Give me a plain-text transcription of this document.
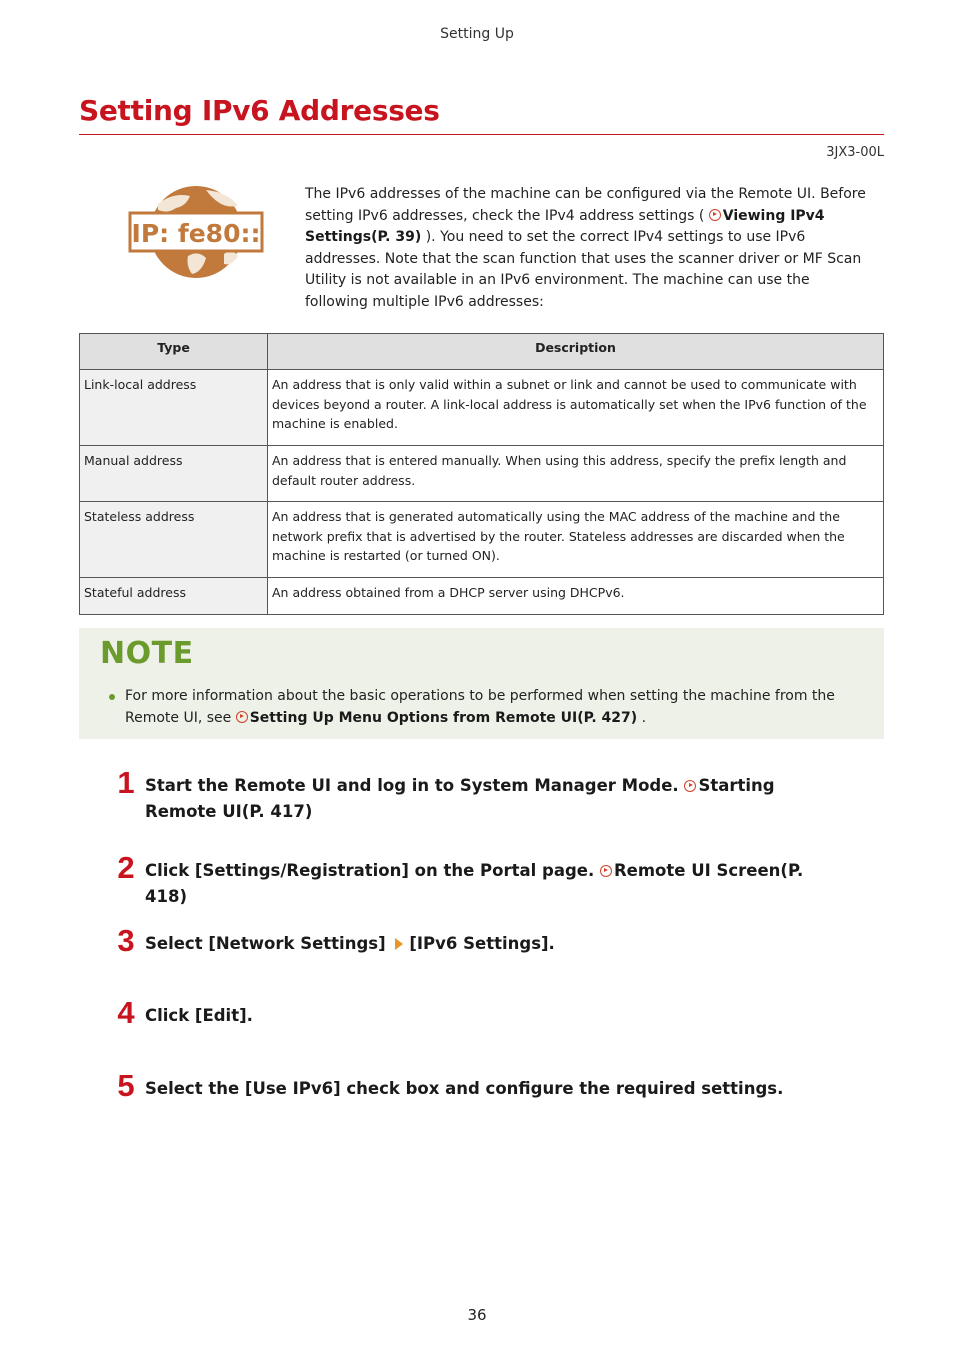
Setting Up
Setting IPv6 Addresses
3JX3-00L
IP: fe80::
The IPv6 addresses of the machine can be configured via the Remote UI. Before setting IPv6 addresses, check the IPv4 address settings ( Viewing IPv4 Settings(P. 39) ). You need to set the correct IPv4 settings to use IPv6 addresses. Note that the scan function that uses the scanner driver or MF Scan Utility is not available in an IPv6 environment. The machine can use the following multiple IPv6 addresses:
Type	Description
Link-local address	An address that is only valid within a subnet or link and cannot be used to communicate with devices beyond a router. A link-local address is automatically set when the IPv6 function of the machine is enabled.
Manual address	An address that is entered manually. When using this address, specify the prefix length and default router address.
Stateless address	An address that is generated automatically using the MAC address of the machine and the network prefix that is advertised by the router. Stateless addresses are discarded when the machine is restarted (or turned ON).
Stateful address	An address obtained from a DHCP server using DHCPv6.
NOTE
For more information about the basic operations to be performed when setting the machine from the Remote UI, see Setting Up Menu Options from Remote UI(P. 427) .
1 Start the Remote UI and log in to System Manager Mode. Starting Remote UI(P. 417)
2 Click [Settings/Registration] on the Portal page. Remote UI Screen(P. 418)
3 Select [Network Settings] [IPv6 Settings].
4 Click [Edit].
5 Select the [Use IPv6] check box and configure the required settings.
36
